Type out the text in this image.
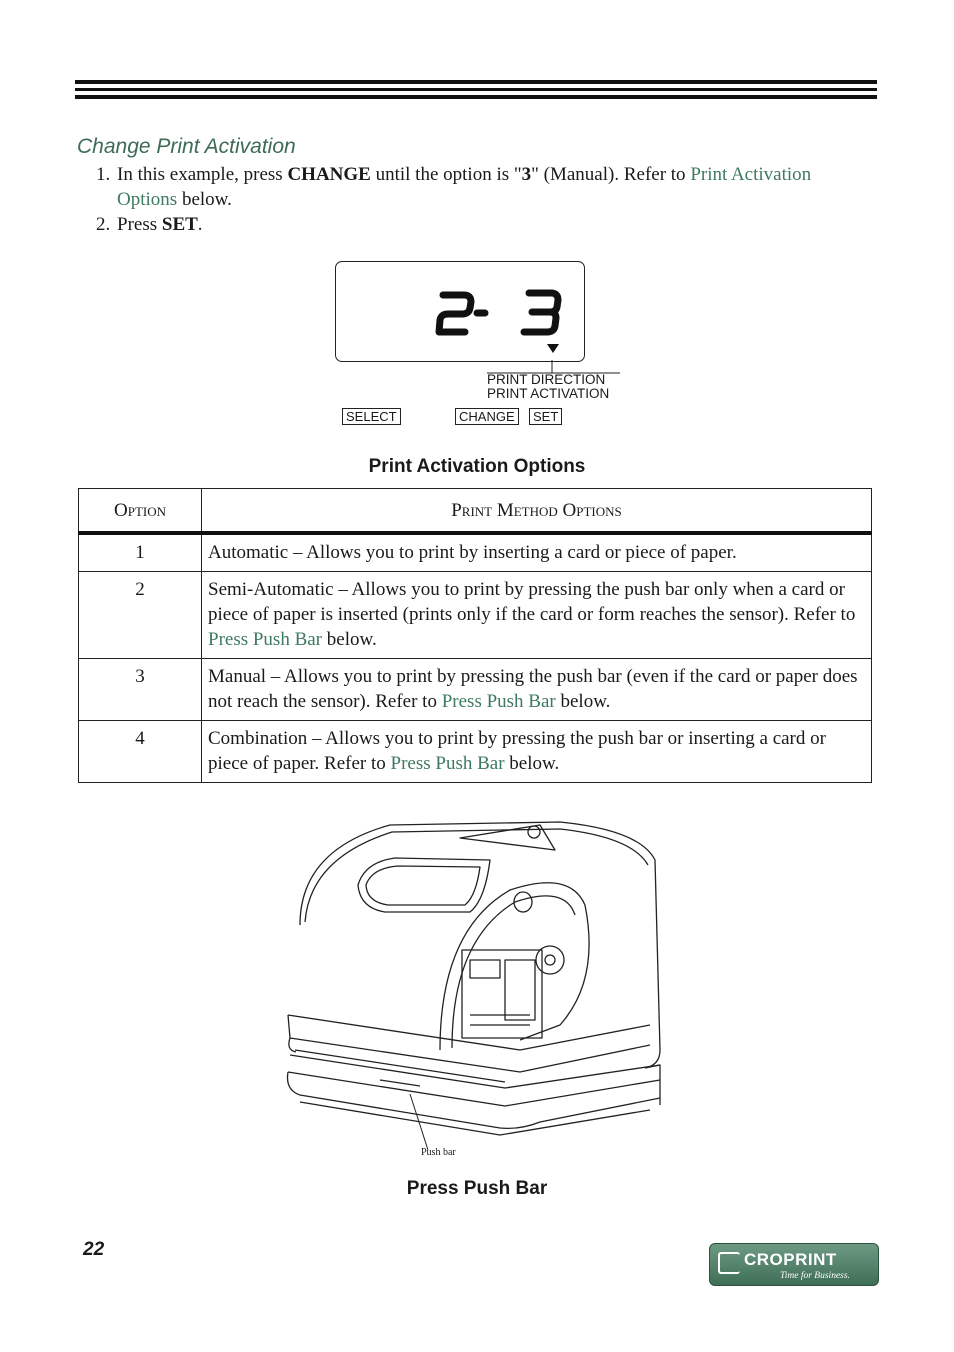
Change Print Activation
1. In this example, press CHANGE until the option is "3" (Manual). Refer to Print Activation Options below.
2. Press SET.
PRINT DIRECTION
PRINT ACTIVATION
SELECT	CHANGE	SET
Print Activation Options
Option	Print Method Options
1	Automatic – Allows you to print by inserting a card or piece of paper.
2	Semi-Automatic – Allows you to print by pressing the push bar only when a card or piece of paper is inserted (prints only if the card or form reaches the sensor). Refer to Press Push Bar below.
3	Manual – Allows you to print by pressing the push bar (even if the card or paper does not reach the sensor). Refer to Press Push Bar below.
4	Combination – Allows you to print by pressing the push bar or inserting a card or piece of paper. Refer to Press Push Bar below.
Push bar
Press Push Bar
22	CROPRINT
Time for Business.
